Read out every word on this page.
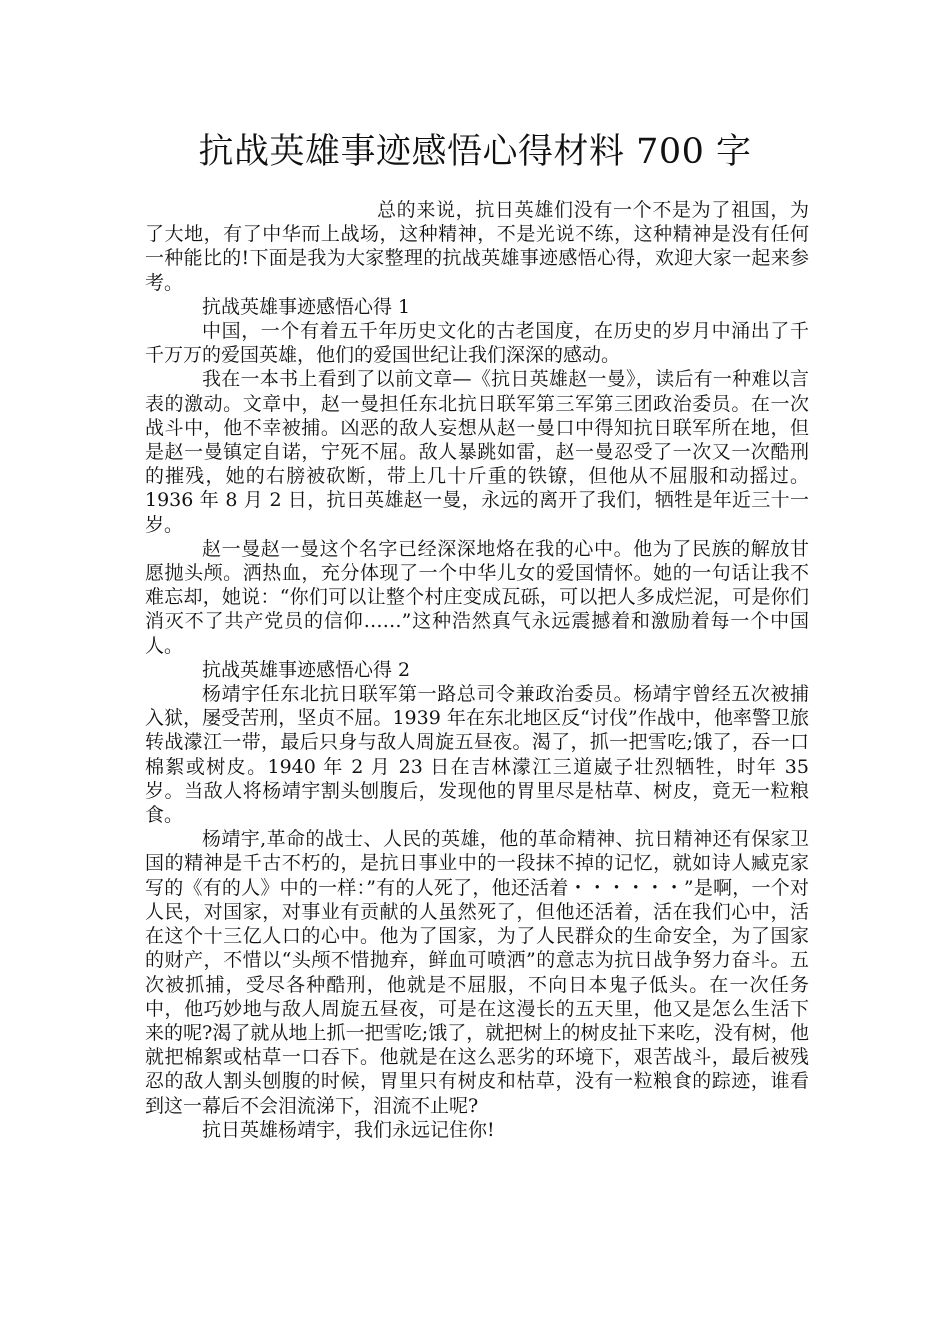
抗战英雄事迹感悟心得材料 700 字

总的来说，抗日英雄们没有一个不是为了祖国，为了大地，有了中华而上战场，这种精神，不是光说不练，这种精神是没有任何一种能比的!下面是我为大家整理的抗战英雄事迹感悟心得，欢迎大家一起来参考。

抗战英雄事迹感悟心得 1

中国，一个有着五千年历史文化的古老国度，在历史的岁月中涌出了千千万万的爱国英雄，他们的爱国世纪让我们深深的感动。

我在一本书上看到了以前文章—《抗日英雄赵一曼》，读后有一种难以言表的激动。文章中，赵一曼担任东北抗日联军第三军第三团政治委员。在一次战斗中，他不幸被捕。凶恶的敌人妄想从赵一曼口中得知抗日联军所在地，但是赵一曼镇定自诺，宁死不屈。敌人暴跳如雷，赵一曼忍受了一次又一次酷刑的摧残，她的右膀被砍断，带上几十斤重的铁镣，但他从不屈服和动摇过。1936 年 8 月 2 日，抗日英雄赵一曼，永远的离开了我们，牺牲是年近三十一岁。

赵一曼赵一曼这个名字已经深深地烙在我的心中。他为了民族的解放甘愿抛头颅。洒热血，充分体现了一个中华儿女的爱国情怀。她的一句话让我不难忘却，她说：“你们可以让整个村庄变成瓦砾，可以把人多成烂泥，可是你们消灭不了共产党员的信仰……”这种浩然真气永远震撼着和激励着每一个中国人。

抗战英雄事迹感悟心得 2

杨靖宇任东北抗日联军第一路总司令兼政治委员。杨靖宇曾经五次被捕入狱，屡受苦刑，坚贞不屈。1939 年在东北地区反“讨伐”作战中，他率警卫旅转战濛江一带，最后只身与敌人周旋五昼夜。渴了，抓一把雪吃;饿了，吞一口棉絮或树皮。1940 年 2 月 23 日在吉林濛江三道崴子壮烈牺牲，时年 35 岁。当敌人将杨靖宇割头刨腹后，发现他的胃里尽是枯草、树皮，竟无一粒粮食。

杨靖宇,革命的战士、人民的英雄，他的革命精神、抗日精神还有保家卫国的精神是千古不朽的，是抗日事业中的一段抹不掉的记忆，就如诗人臧克家写的《有的人》中的一样：”有的人死了，他还活着・・・・・・”是啊，一个对人民，对国家，对事业有贡献的人虽然死了，但他还活着，活在我们心中，活在这个十三亿人口的心中。他为了国家，为了人民群众的生命安全，为了国家的财产，不惜以“头颅不惜抛弃，鲜血可喷洒”的意志为抗日战争努力奋斗。五次被抓捕，受尽各种酷刑，他就是不屈服，不向日本鬼子低头。在一次任务中，他巧妙地与敌人周旋五昼夜，可是在这漫长的五天里，他又是怎么生活下来的呢?渴了就从地上抓一把雪吃;饿了，就把树上的树皮扯下来吃，没有树，他就把棉絮或枯草一口吞下。他就是在这么恶劣的环境下，艰苦战斗，最后被残忍的敌人割头刨腹的时候，胃里只有树皮和枯草，没有一粒粮食的踪迹，谁看到这一幕后不会泪流涕下，泪流不止呢?

抗日英雄杨靖宇，我们永远记住你!
